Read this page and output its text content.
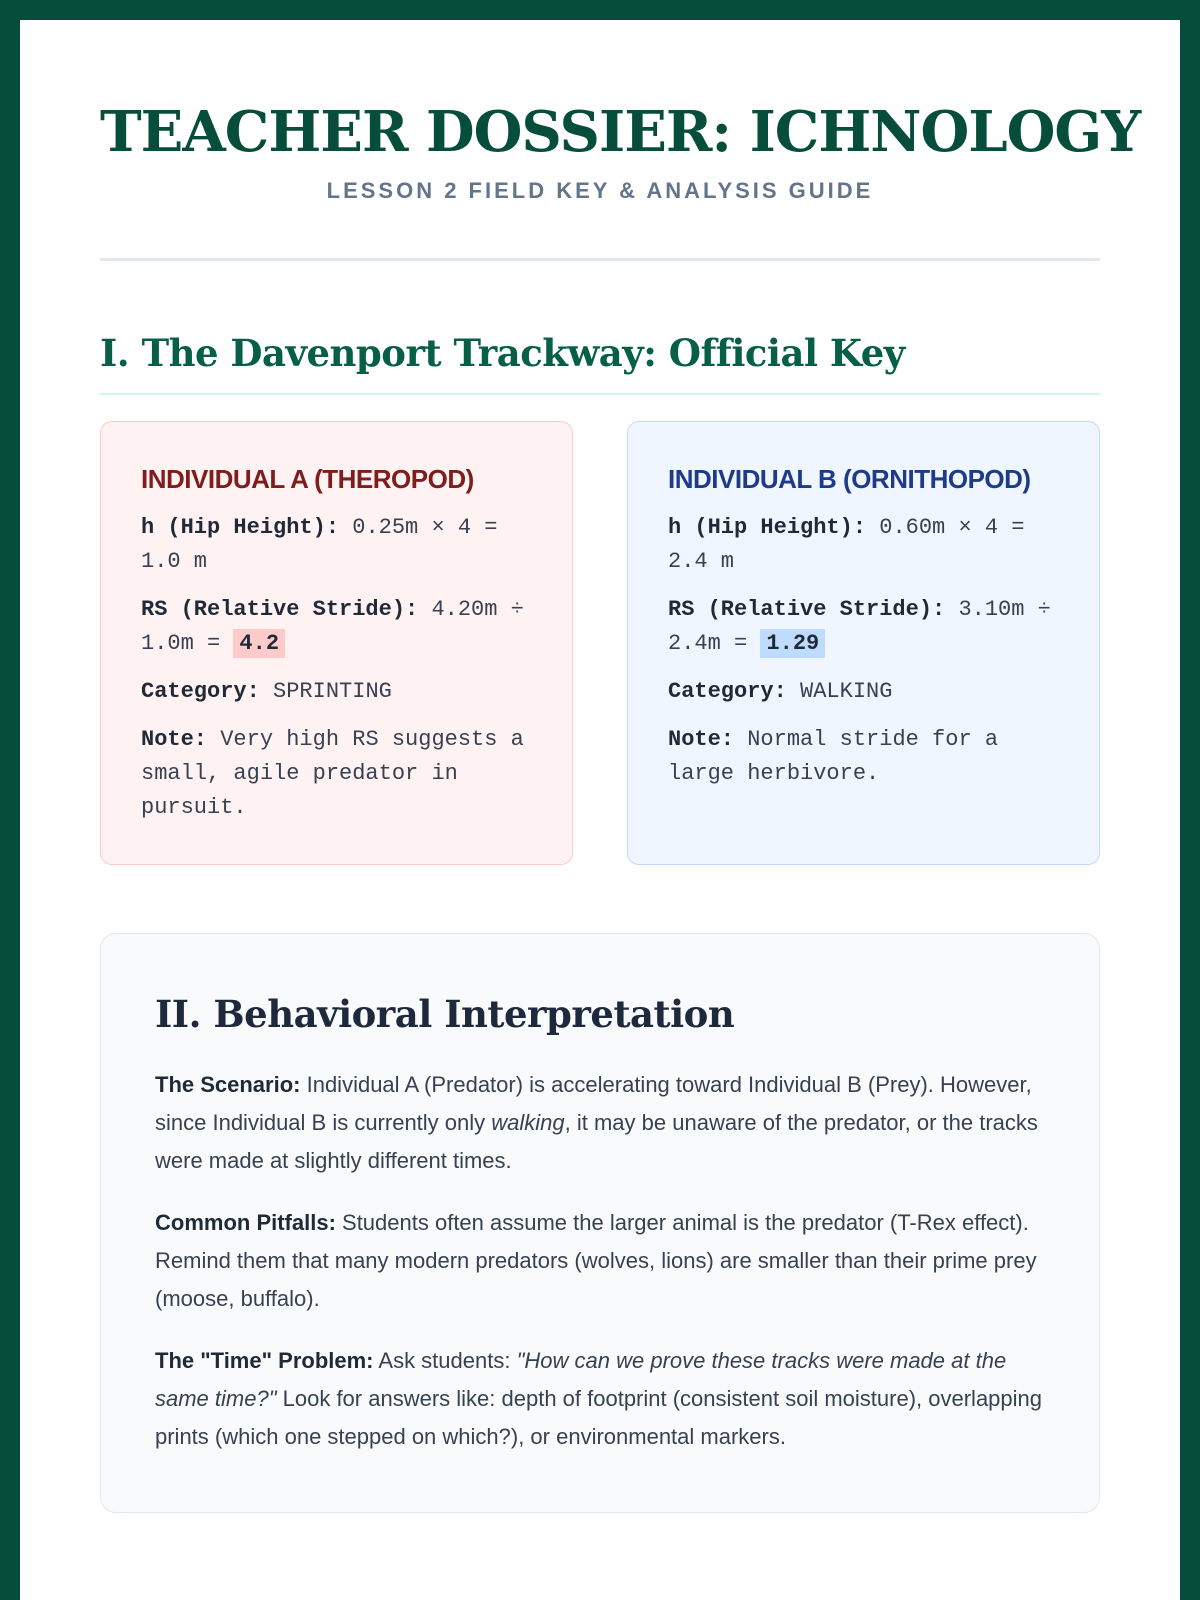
TEACHER DOSSIER: ICHNOLOGY
LESSON 2 FIELD KEY & ANALYSIS GUIDE
I. The Davenport Trackway: Official Key
INDIVIDUAL A (THEROPOD)
h (Hip Height): 0.25m × 4 = 1.0 m
RS (Relative Stride): 4.20m ÷ 1.0m = 4.2
Category: SPRINTING
Note: Very high RS suggests a small, agile predator in pursuit.
INDIVIDUAL B (ORNITHOPOD)
h (Hip Height): 0.60m × 4 = 2.4 m
RS (Relative Stride): 3.10m ÷ 2.4m = 1.29
Category: WALKING
Note: Normal stride for a large herbivore.
II. Behavioral Interpretation

The Scenario: Individual A (Predator) is accelerating toward Individual B (Prey). However, since Individual B is currently only walking, it may be unaware of the predator, or the tracks were made at slightly different times.

Common Pitfalls: Students often assume the larger animal is the predator (T-Rex effect). Remind them that many modern predators (wolves, lions) are smaller than their prime prey (moose, buffalo).

The "Time" Problem: Ask students: "How can we prove these tracks were made at the same time?" Look for answers like: depth of footprint (consistent soil moisture), overlapping prints (which one stepped on which?), or environmental markers.
